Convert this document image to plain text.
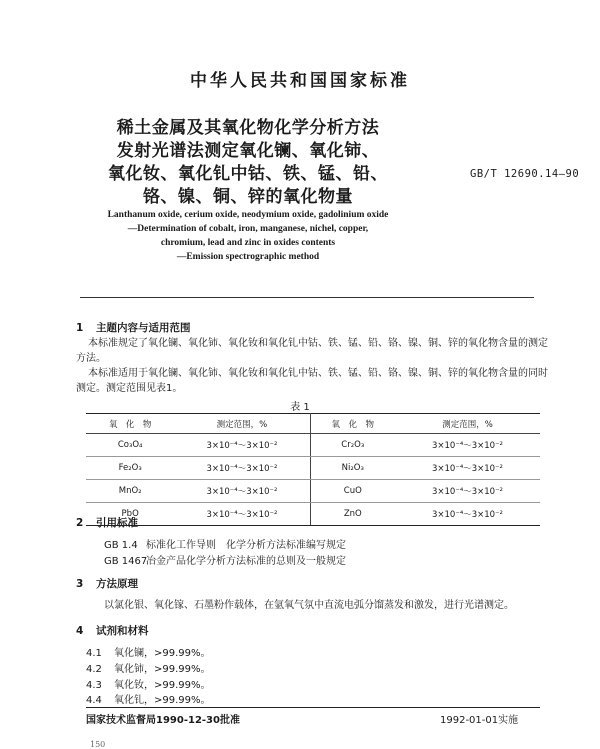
中华人民共和国国家标准
稀土金属及其氧化物化学分析方法
发射光谱法测定氧化镧、氧化铈、
氧化钕、氧化钆中钴、铁、锰、铅、
铬、镍、铜、锌的氧化物量
GB/T 12690.14—90
Lanthanum oxide, cerium oxide, neodymium oxide, gadolinium oxide
—Determination of cobalt, iron, manganese, nichel, copper,
chromium, lead and zinc in oxides contents
—Emission spectrographic method
1 主题内容与适用范围
本标准规定了氧化镧、氧化铈、氧化钕和氧化钆中钴、铁、锰、铅、铬、镍、铜、锌的氧化物含量的测定
方法。
本标准适用于氧化镧、氧化铈、氧化钕和氧化钆中钴、铁、锰、铅、铬、镍、铜、锌的氧化物含量的同时
测定。测定范围见表1。
表 1
氧　化　物	测定范围，%	氧　化　物	测定范围，%
Co₃O₄	3×10⁻⁴～3×10⁻²	Cr₂O₃	3×10⁻⁴～3×10⁻²
Fe₂O₃	3×10⁻⁴～3×10⁻²	Ni₂O₃	3×10⁻⁴～3×10⁻²
MnO₂	3×10⁻⁴～3×10⁻²	CuO	3×10⁻⁴～3×10⁻²
PbO	3×10⁻⁴～3×10⁻²	ZnO	3×10⁻⁴～3×10⁻²
2 引用标准
GB 1.4 标准化工作导则　化学分析方法标准编写规定
GB 1467冶金产品化学分析方法标准的总则及一般规定
3 方法原理
以氯化银、氧化镓、石墨粉作载体，在氩氧气氛中直流电弧分馏蒸发和激发，进行光谱测定。
4 试剂和材料
4.1 氧化镧，>99.99%。
4.2 氧化铈，>99.99%。
4.3 氧化钕，>99.99%。
4.4 氧化钆，>99.99%。
国家技术监督局1990-12-30批准	1992-01-01实施
150
